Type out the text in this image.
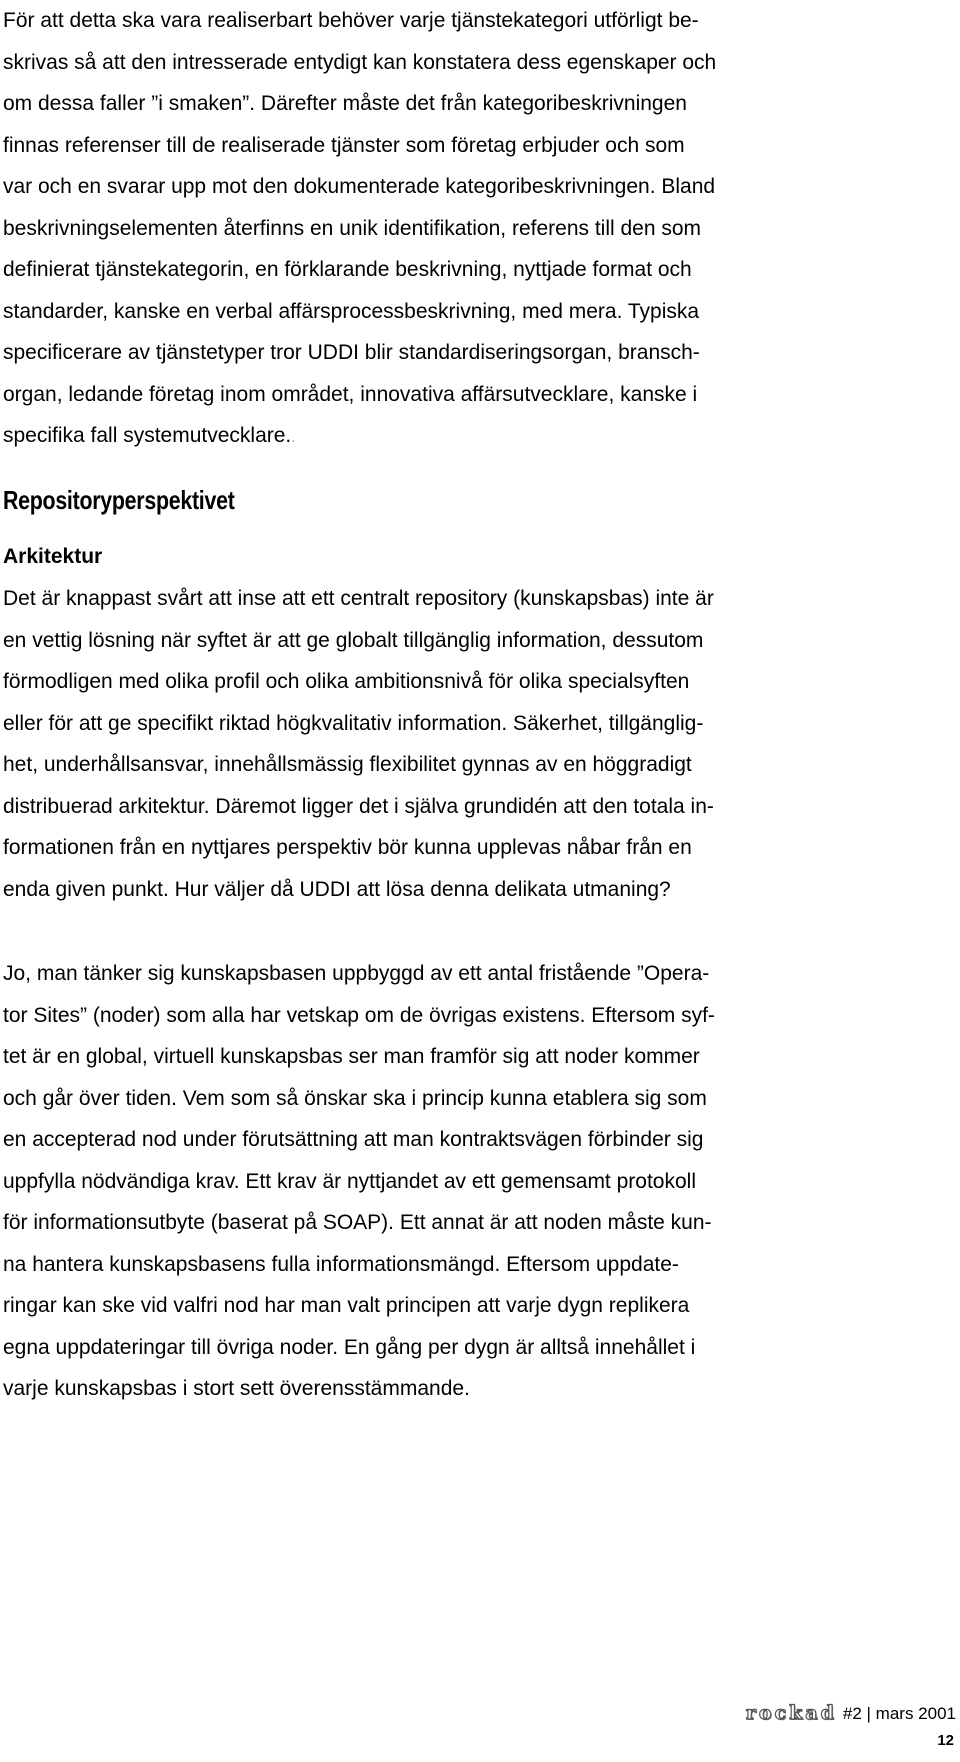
För att detta ska vara realiserbart behöver varje tjänstekategori utförligt be-
skrivas så att den intresserade entydigt kan konstatera dess egenskaper och
om dessa faller ”i smaken”. Därefter måste det från kategoribeskrivningen
finnas referenser till de realiserade tjänster som företag erbjuder och som
var och en svarar upp mot den dokumenterade kategoribeskrivningen. Bland
beskrivningselementen återfinns en unik identifikation, referens till den som
definierat tjänstekategorin, en förklarande beskrivning, nyttjade format och
standarder, kanske en verbal affärsprocessbeskrivning, med mera. Typiska
specificerare av tjänstetyper tror UDDI blir standardiseringsorgan, bransch-
organ, ledande företag inom området, innovativa affärsutvecklare, kanske i
specifika fall systemutvecklare..

Repositoryperspektivet
Arkitektur

Det är knappast svårt att inse att ett centralt repository (kunskapsbas) inte är
en vettig lösning när syftet är att ge globalt tillgänglig information, dessutom
förmodligen med olika profil och olika ambitionsnivå för olika specialsyften
eller för att ge specifikt riktad högkvalitativ information. Säkerhet, tillgänglig-
het, underhållsansvar, innehållsmässig flexibilitet gynnas av en höggradigt
distribuerad arkitektur. Däremot ligger det i själva grundidén att den totala in-
formationen från en nyttjares perspektiv bör kunna upplevas nåbar från en
enda given punkt. Hur väljer då UDDI att lösa denna delikata utmaning?

Jo, man tänker sig kunskapsbasen uppbyggd av ett antal fristående ”Opera-
tor Sites” (noder) som alla har vetskap om de övrigas existens. Eftersom syf-
tet är en global, virtuell kunskapsbas ser man framför sig att noder kommer
och går över tiden. Vem som så önskar ska i princip kunna etablera sig som
en accepterad nod under förutsättning att man kontraktsvägen förbinder sig
uppfylla nödvändiga krav. Ett krav är nyttjandet av ett gemensamt protokoll
för informationsutbyte (baserat på SOAP). Ett annat är att noden måste kun-
na hantera kunskapsbasens fulla informationsmängd. Eftersom uppdate-
ringar kan ske vid valfri nod har man valt principen att varje dygn replikera
egna uppdateringar till övriga noder. En gång per dygn är alltså innehållet i
varje kunskapsbas i stort sett överensstämmande.

rockad #2 | mars 2001
12
